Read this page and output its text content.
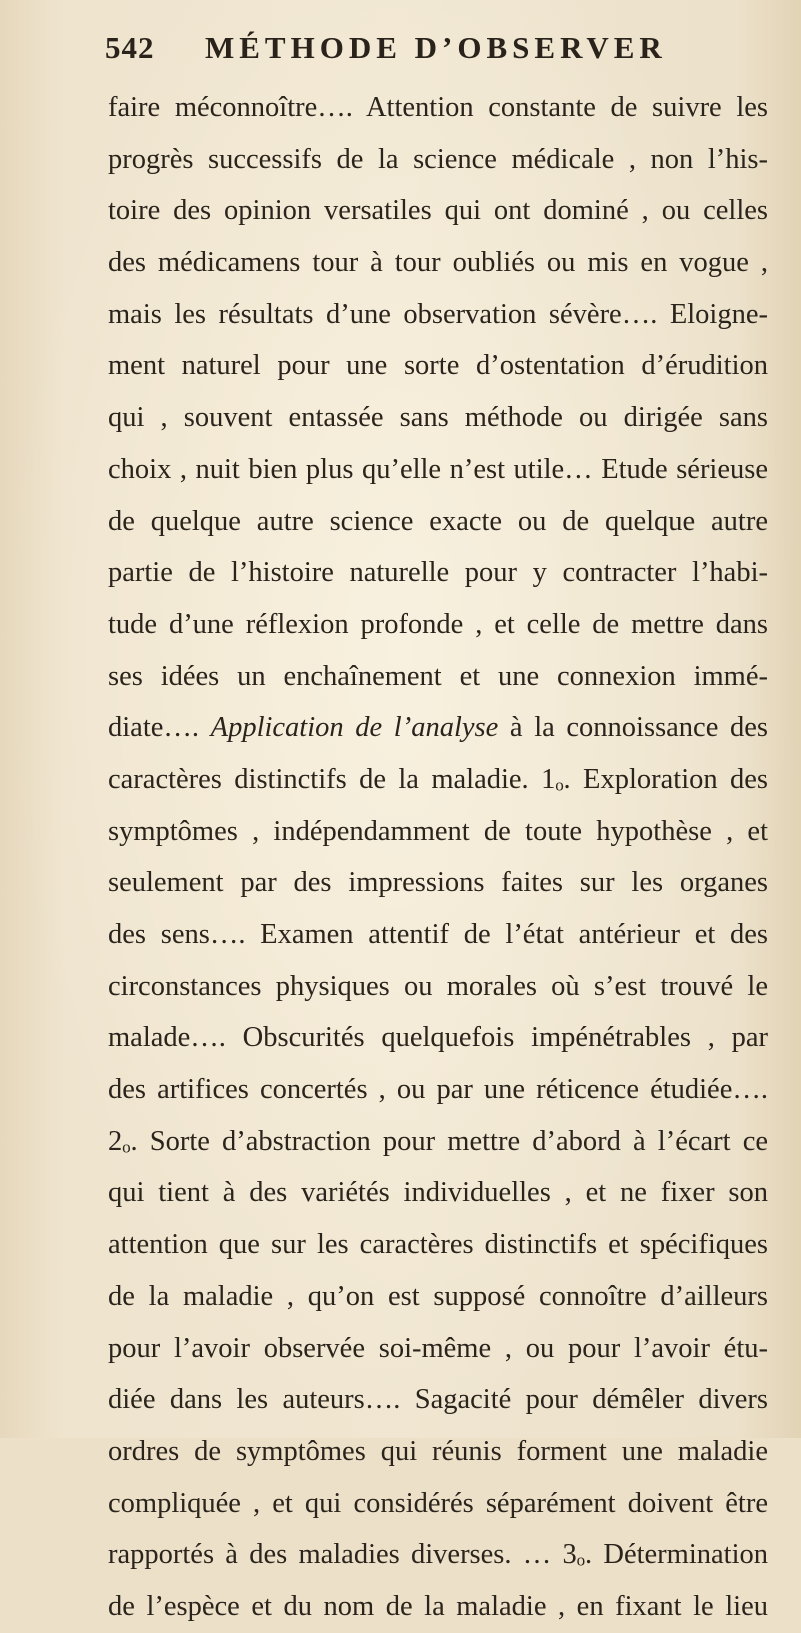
542 MÉTHODE D’OBSERVER
faire méconnoître…. Attention constante de suivre les
progrès successifs de la science médicale , non l’his-
toire des opinion versatiles qui ont dominé , ou celles
des médicamens tour à tour oubliés ou mis en vogue ,
mais les résultats d’une observation sévère…. Eloigne-
ment naturel pour une sorte d’ostentation d’érudition
qui , souvent entassée sans méthode ou dirigée sans
choix , nuit bien plus qu’elle n’est utile… Etude sérieuse
de quelque autre science exacte ou de quelque autre
partie de l’histoire naturelle pour y contracter l’habi-
tude d’une réflexion profonde , et celle de mettre dans
ses idées un enchaînement et une connexion immé-
diate…. Application de l’analyse à la connoissance des
caractères distinctifs de la maladie. 1ₒ. Exploration des
symptômes , indépendamment de toute hypothèse , et
seulement par des impressions faites sur les organes
des sens…. Examen attentif de l’état antérieur et des
circonstances physiques ou morales où s’est trouvé le
malade…. Obscurités quelquefois impénétrables , par
des artifices concertés , ou par une réticence étudiée….
2ₒ. Sorte d’abstraction pour mettre d’abord à l’écart ce
qui tient à des variétés individuelles , et ne fixer son
attention que sur les caractères distinctifs et spécifiques
de la maladie , qu’on est supposé connoître d’ailleurs
pour l’avoir observée soi-même , ou pour l’avoir étu-
diée dans les auteurs…. Sagacité pour démêler divers
ordres de symptômes qui réunis forment une maladie
compliquée , et qui considérés séparément doivent être
rapportés à des maladies diverses. … 3ₒ. Détermination
de l’espèce et du nom de la maladie , en fixant le lieu
